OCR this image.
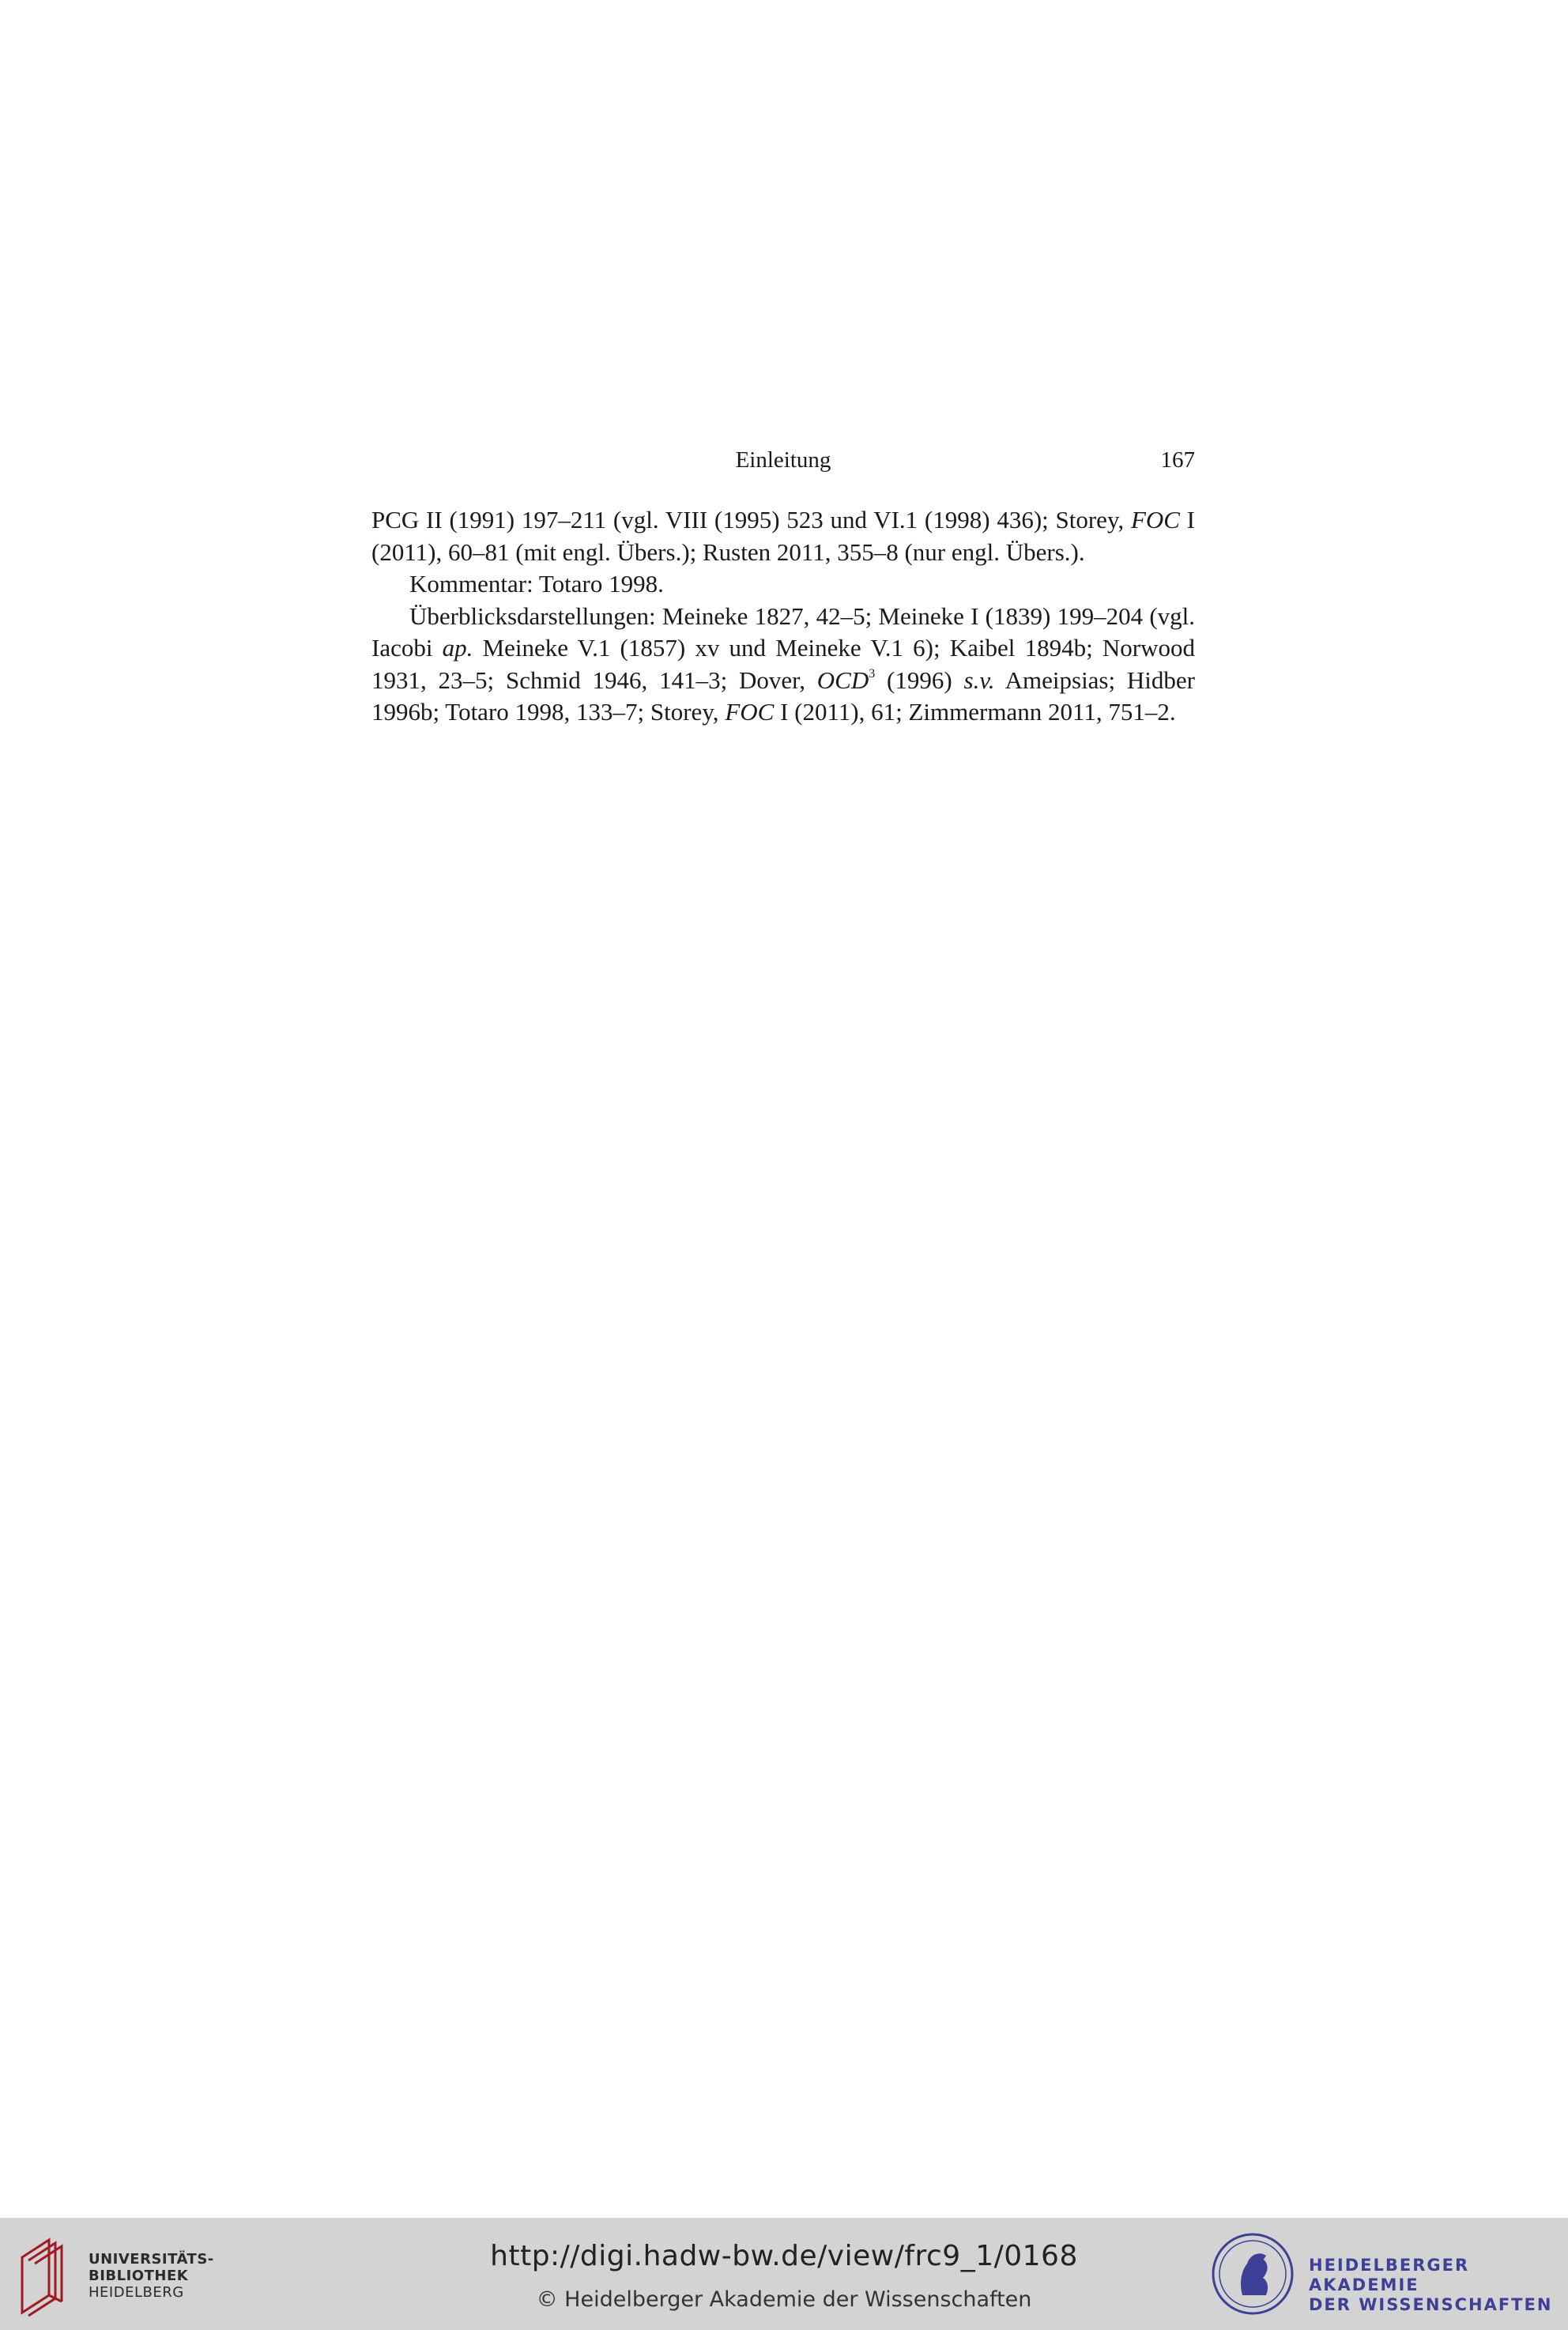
Einleitung	167

PCG II (1991) 197–211 (vgl. VIII (1995) 523 und VI.1 (1998) 436); Storey, FOC I (2011), 60–81 (mit engl. Übers.); Rusten 2011, 355–8 (nur engl. Übers.).

Kommentar: Totaro 1998.

Überblicksdarstellungen: Meineke 1827, 42–5; Meineke I (1839) 199–204 (vgl. Iacobi ap. Meineke V.1 (1857) xv und Meineke V.1 6); Kaibel 1894b; Norwood 1931, 23–5; Schmid 1946, 141–3; Dover, OCD$^3$ (1996) s.v. Ameipsias; Hidber 1996b; Totaro 1998, 133–7; Storey, FOC I (2011), 61; Zimmermann 2011, 751–2.

UNIVERSITÄTS-
BIBLIOTHEK
HEIDELBERG
http://digi.hadw-bw.de/view/frc9_1/0168
© Heidelberger Akademie der Wissenschaften
HEIDELBERGER AKADEMIE
DER WISSENSCHAFTEN
